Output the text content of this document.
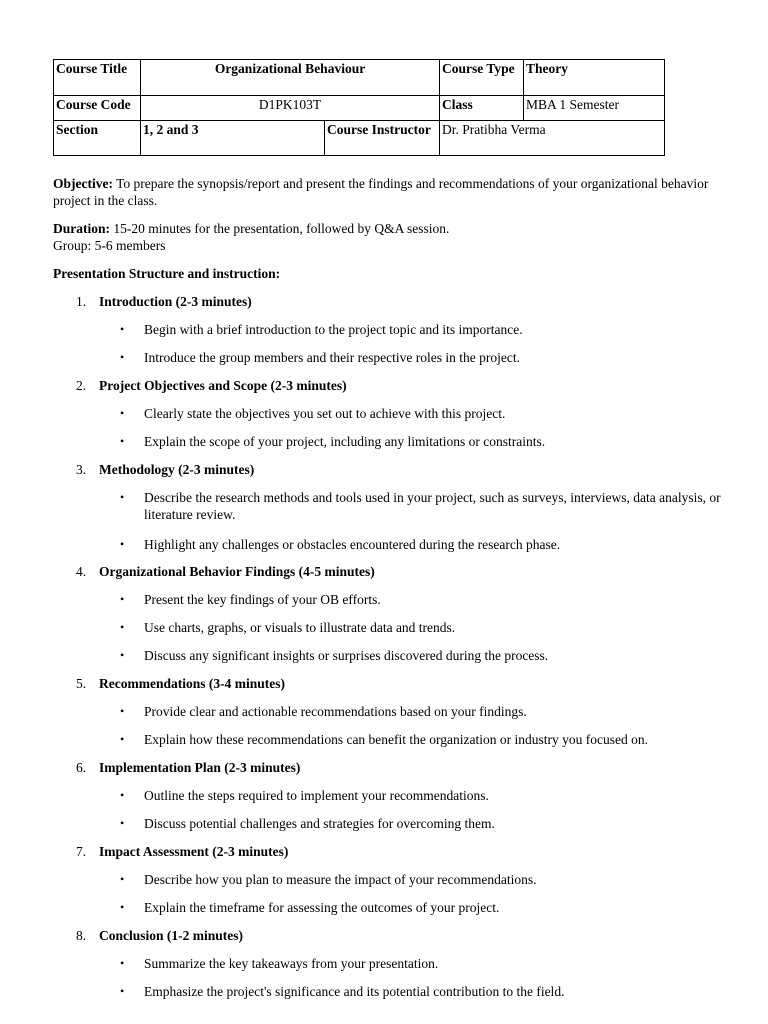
Course Title	Organizational Behaviour		Course Type	Theory
Course Code	D1PK103T		Class	MBA 1 Semester
Section	1, 2 and 3	Course Instructor	Dr. Pratibha Verma	

Objective: To prepare the synopsis/report and present the findings and recommendations of your organizational behavior project in the class.

Duration: 15-20 minutes for the presentation, followed by Q&A session.
Group: 5-6 members

Presentation Structure and instruction:

1. Introduction (2-3 minutes)

•	Begin with a brief introduction to the project topic and its importance.

•	Introduce the group members and their respective roles in the project.

2. Project Objectives and Scope (2-3 minutes)

•	Clearly state the objectives you set out to achieve with this project.

•	Explain the scope of your project, including any limitations or constraints.

3. Methodology (2-3 minutes)

•	Describe the research methods and tools used in your project, such as surveys, interviews, data analysis, or literature review.

•	Highlight any challenges or obstacles encountered during the research phase.

4. Organizational Behavior Findings (4-5 minutes)

•	Present the key findings of your OB efforts.

•	Use charts, graphs, or visuals to illustrate data and trends.

•	Discuss any significant insights or surprises discovered during the process.

5. Recommendations (3-4 minutes)

•	Provide clear and actionable recommendations based on your findings.

•	Explain how these recommendations can benefit the organization or industry you focused on.

6. Implementation Plan (2-3 minutes)

•	Outline the steps required to implement your recommendations.

•	Discuss potential challenges and strategies for overcoming them.

7. Impact Assessment (2-3 minutes)

•	Describe how you plan to measure the impact of your recommendations.

•	Explain the timeframe for assessing the outcomes of your project.

8. Conclusion (1-2 minutes)

•	Summarize the key takeaways from your presentation.

•	Emphasize the project's significance and its potential contribution to the field.
